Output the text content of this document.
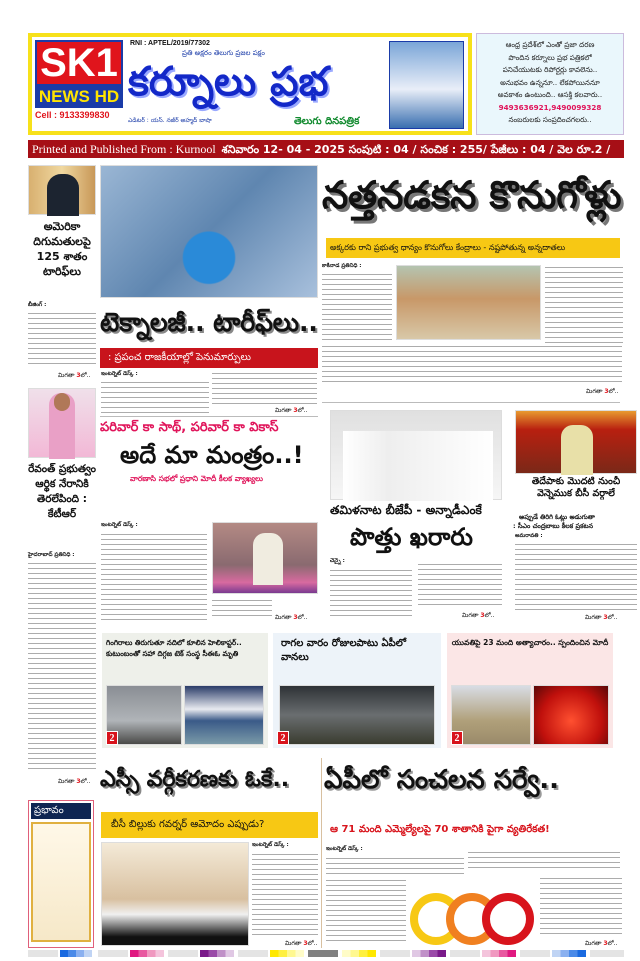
SK1
NEWS HD
Cell : 9133399830
RNI : APTEL/2019/77302
ప్రతి అక్షరం తెలుగు ప్రజల పక్షం
కర్నూలు ప్రభ
ఎడిటర్ : యస్. నజీర్ అహ్మద్ బాషా	తెలుగు దినపత్రిక
ఆంధ్ర ప్రదేశ్‌లో ఎంతో ప్రజా దరణ
పొందిన కర్నూలు ప్రభ పత్రికలో
పనిచేయుటకు రిపోర్టర్లు కావలెను..
అనుభవం ఉన్ననూ.. లేకపోయిననూ
అవకాశం ఉంటుంది.. ఆసక్తి కలవారు..
9493636921,9490099328
నంబరులకు సంప్రదించగలరు..
Printed and Published From : Kurnool శనివారం 12- 04 - 2025 సంపుటి : 04 / సంచిక : 255/ పేజీలు : 04 / వెల రూ.2 /
అమెరికా దిగుమతులపై 125 శాతం టారిఫ్‌లు
బీజింగ్ :
మిగతా 3లో..
రేవంత్ ప్రభుత్వం ఆర్థిక నేరానికి తెరలేపింది : కేటీఆర్
హైదరాబాద్ ప్రతినిధి :
మిగతా 3లో..
ప్రభావం
టెక్నాలజీ.. టారీఫ్‌లు..
: ప్రపంచ రాజకీయాల్లో పెనుమార్పులు
ఇంటర్నెట్ డెస్క్ :
మిగతా 3లో..
పరివార్ కా సాథ్, పరివార్ కా వికాస్
అదే మా మంత్రం..!
వారణాసి సభలో ప్రధాని మోదీ కీలక వ్యాఖ్యలు
ఇంటర్నెట్ డెస్క్ :
మిగతా 3లో..
నత్తనడకన కొనుగోళ్లు
అక్కరకు రాని ప్రభుత్వ ధాన్యం కొనుగోలు కేంద్రాలు - నష్టపోతున్న అన్నదాతలు
కాకినాడ ప్రతినిధి :
మిగతా 3లో..
తమిళనాట బీజేపీ - అన్నాడీఎంకే
పొత్తు ఖరారు
చెన్నై :
మిగతా 3లో..
తెదేపాకు మొదటి నుంచీ వెన్నెముక బీసీ వర్గాలే
అప్పుడే తిరిగి ఓట్లు అడుగుతా
: సీఎం చంద్రబాబు కీలక ప్రకటన
అమరావతి :
మిగతా 3లో..
గింగిరాలు తిరుగుతూ నదిలో కూలిన హెలికాప్టర్.. కుటుంబంతో సహా దిగ్గజ టెక్ సంస్థ సీఈఓ మృతి
2
రాగల వారం రోజులపాటు ఏపీలో వానలు
2
యువతిపై 23 మంది అత్యాచారం.. స్పందించిన మోదీ
2
ఎస్సీ వర్గీకరణకు ఓకే..
బీసీ బిల్లుకు గవర్నర్ ఆమోదం ఎప్పుడు?
ఇంటర్నెట్ డెస్క్ :
మిగతా 3లో..
ఏపీలో సంచలన సర్వే..
ఆ 71 మంది ఎమ్మెల్యేలపై 70 శాతానికి పైగా వ్యతిరేకత!
ఇంటర్నెట్ డెస్క్ :
మిగతా 3లో..
